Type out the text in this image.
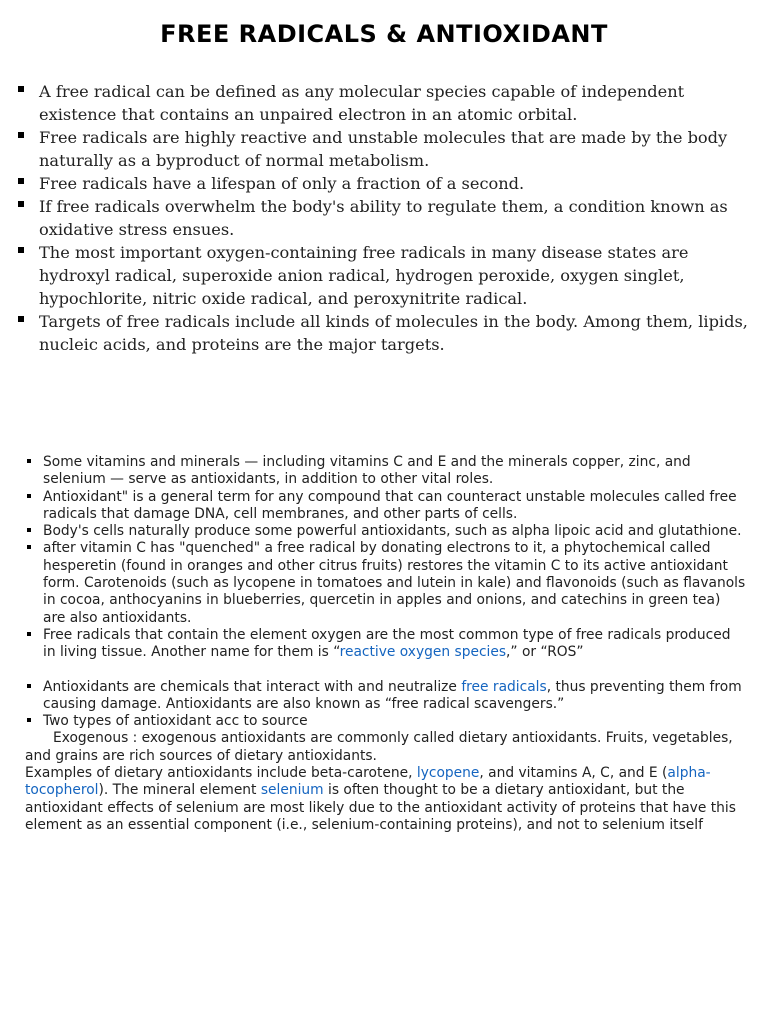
FREE RADICALS & ANTIOXIDANT
A free radical can be defined as any molecular species capable of independent existence that contains an unpaired electron in an atomic orbital.
Free radicals are highly reactive and unstable molecules that are made by the body naturally as a byproduct of normal metabolism.
Free radicals have a lifespan of only a fraction of a second.
If free radicals overwhelm the body's ability to regulate them, a condition known as oxidative stress ensues.
The most important oxygen-containing free radicals in many disease states are hydroxyl radical, superoxide anion radical, hydrogen peroxide, oxygen singlet, hypochlorite, nitric oxide radical, and peroxynitrite radical.
Targets of free radicals include all kinds of molecules in the body. Among them, lipids, nucleic acids, and proteins are the major targets.
Some vitamins and minerals — including vitamins C and E and the minerals copper, zinc, and selenium — serve as antioxidants, in addition to other vital roles.
Antioxidant" is a general term for any compound that can counteract unstable molecules called free radicals that damage DNA, cell membranes, and other parts of cells.
Body's cells naturally produce some powerful antioxidants, such as alpha lipoic acid and glutathione.
after vitamin C has "quenched" a free radical by donating electrons to it, a phytochemical called hesperetin (found in oranges and other citrus fruits) restores the vitamin C to its active antioxidant form. Carotenoids (such as lycopene in tomatoes and lutein in kale) and flavonoids (such as flavanols in cocoa, anthocyanins in blueberries, quercetin in apples and onions, and catechins in green tea) are also antioxidants.
Free radicals that contain the element oxygen are the most common type of free radicals produced in living tissue. Another name for them is “reactive oxygen species,” or “ROS”
Antioxidants are chemicals that interact with and neutralize free radicals, thus preventing them from causing damage. Antioxidants are also known as “free radical scavengers.”
Two types of antioxidant acc to source

Exogenous : exogenous antioxidants are commonly called dietary antioxidants. Fruits, vegetables, and grains are rich sources of dietary antioxidants.

Examples of dietary antioxidants include beta-carotene, lycopene, and vitamins A, C, and E (alpha-tocopherol). The mineral element selenium is often thought to be a dietary antioxidant, but the antioxidant effects of selenium are most likely due to the antioxidant activity of proteins that have this element as an essential component (i.e., selenium-containing proteins), and not to selenium itself
